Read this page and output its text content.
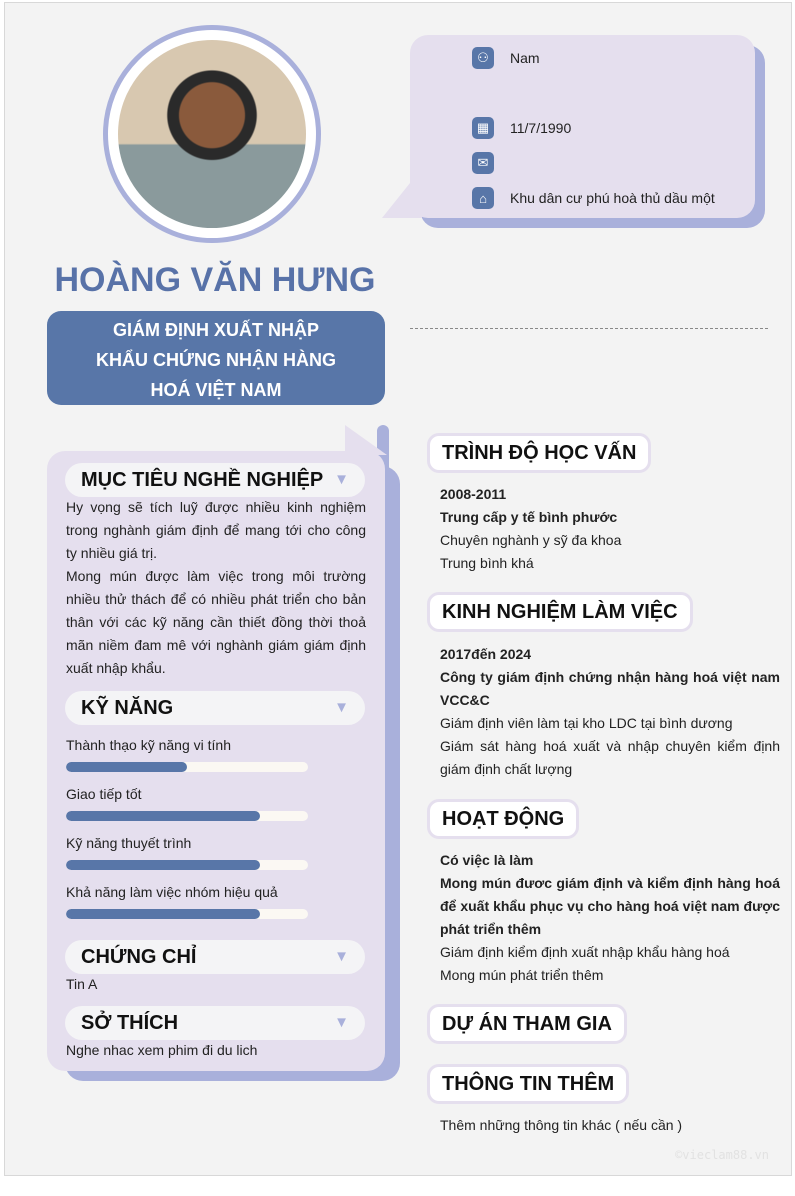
HOÀNG VĂN HƯNG
GIÁM ĐỊNH XUẤT NHẬP
KHẨU CHỨNG NHẬN HÀNG
HOÁ VIỆT NAM
⚇	Nam
▦	11/7/1990
✉
⌂	Khu dân cư phú hoà thủ dầu một
MỤC TIÊU NGHỀ NGHIỆP ▼
Hy vọng sẽ tích luỹ được nhiều kinh nghiệm trong nghành giám định để mang tới cho công ty nhiều giá trị.
Mong mún được làm việc trong môi trường nhiều thử thách để có nhiều phát triển cho bản thân với các kỹ năng cần thiết đồng thời thoả mãn niềm đam mê với nghành giám giám định xuất nhập khẩu.
KỸ NĂNG	▼
Thành thạo kỹ năng vi tính
Giao tiếp tốt
Kỹ năng thuyết trình
Khả năng làm việc nhóm hiệu quả
CHỨNG CHỈ	▼
Tin A
SỞ THÍCH	▼
Nghe nhac xem phim đi du lich
TRÌNH ĐỘ HỌC VẤN
2008-2011
Trung cấp y tế bình phước
Chuyên nghành y sỹ đa khoa
Trung bình khá
KINH NGHIỆM LÀM VIỆC
2017đến 2024
Công ty giám định chứng nhận hàng hoá việt nam VCC&C
Giám định viên làm tại kho LDC tại bình dương
Giám sát hàng hoá xuất và nhập chuyên kiểm định giám định chất lượng
HOẠT ĐỘNG
Có việc là làm
Mong mún đươc giám định và kiểm định hàng hoá để xuất khẩu phục vụ cho hàng hoá việt nam được phát triển thêm
Giám định kiểm định xuất nhập khẩu hàng hoá
Mong mún phát triển thêm
DỰ ÁN THAM GIA
THÔNG TIN THÊM
Thêm những thông tin khác ( nếu cần )
©vieclam88.vn
